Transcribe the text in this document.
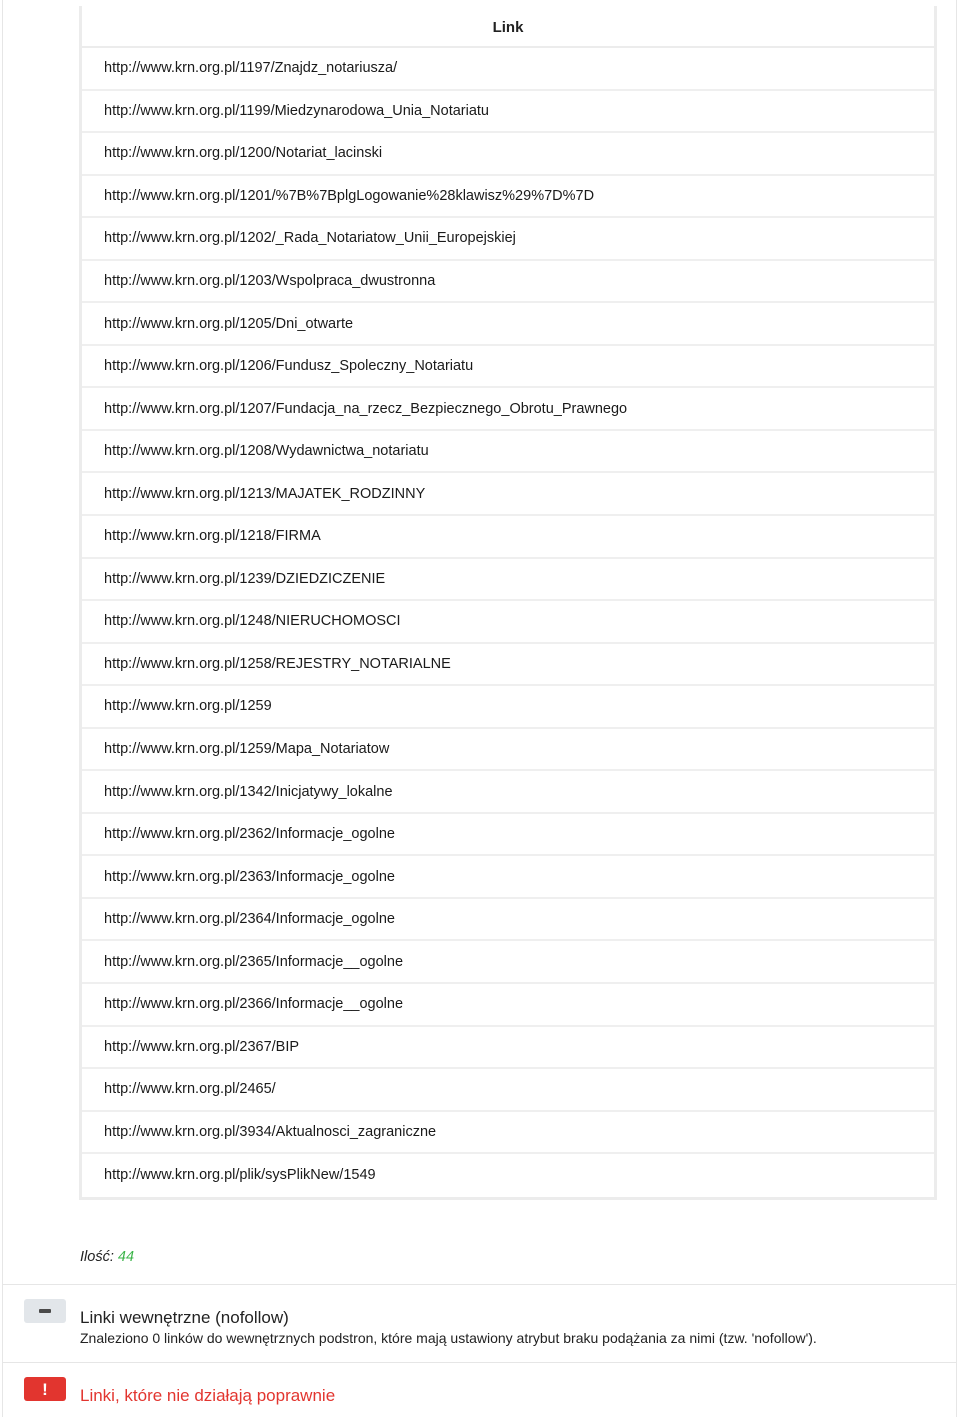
Link
http://www.krn.org.pl/1197/Znajdz_notariusza/
http://www.krn.org.pl/1199/Miedzynarodowa_Unia_Notariatu
http://www.krn.org.pl/1200/Notariat_lacinski
http://www.krn.org.pl/1201/%7B%7BplgLogowanie%28klawisz%29%7D%7D
http://www.krn.org.pl/1202/_Rada_Notariatow_Unii_Europejskiej
http://www.krn.org.pl/1203/Wspolpraca_dwustronna
http://www.krn.org.pl/1205/Dni_otwarte
http://www.krn.org.pl/1206/Fundusz_Spoleczny_Notariatu
http://www.krn.org.pl/1207/Fundacja_na_rzecz_Bezpiecznego_Obrotu_Prawnego
http://www.krn.org.pl/1208/Wydawnictwa_notariatu
http://www.krn.org.pl/1213/MAJATEK_RODZINNY
http://www.krn.org.pl/1218/FIRMA
http://www.krn.org.pl/1239/DZIEDZICZENIE
http://www.krn.org.pl/1248/NIERUCHOMOSCI
http://www.krn.org.pl/1258/REJESTRY_NOTARIALNE
http://www.krn.org.pl/1259
http://www.krn.org.pl/1259/Mapa_Notariatow
http://www.krn.org.pl/1342/Inicjatywy_lokalne
http://www.krn.org.pl/2362/Informacje_ogolne
http://www.krn.org.pl/2363/Informacje_ogolne
http://www.krn.org.pl/2364/Informacje_ogolne
http://www.krn.org.pl/2365/Informacje__ogolne
http://www.krn.org.pl/2366/Informacje__ogolne
http://www.krn.org.pl/2367/BIP
http://www.krn.org.pl/2465/
http://www.krn.org.pl/3934/Aktualnosci_zagraniczne
http://www.krn.org.pl/plik/sysPlikNew/1549
Ilość: 44
Linki wewnętrzne (nofollow)
Znaleziono 0 linków do wewnętrznych podstron, które mają ustawiony atrybut braku podążania za nimi (tzw. 'nofollow').
! Linki, które nie działają poprawnie
